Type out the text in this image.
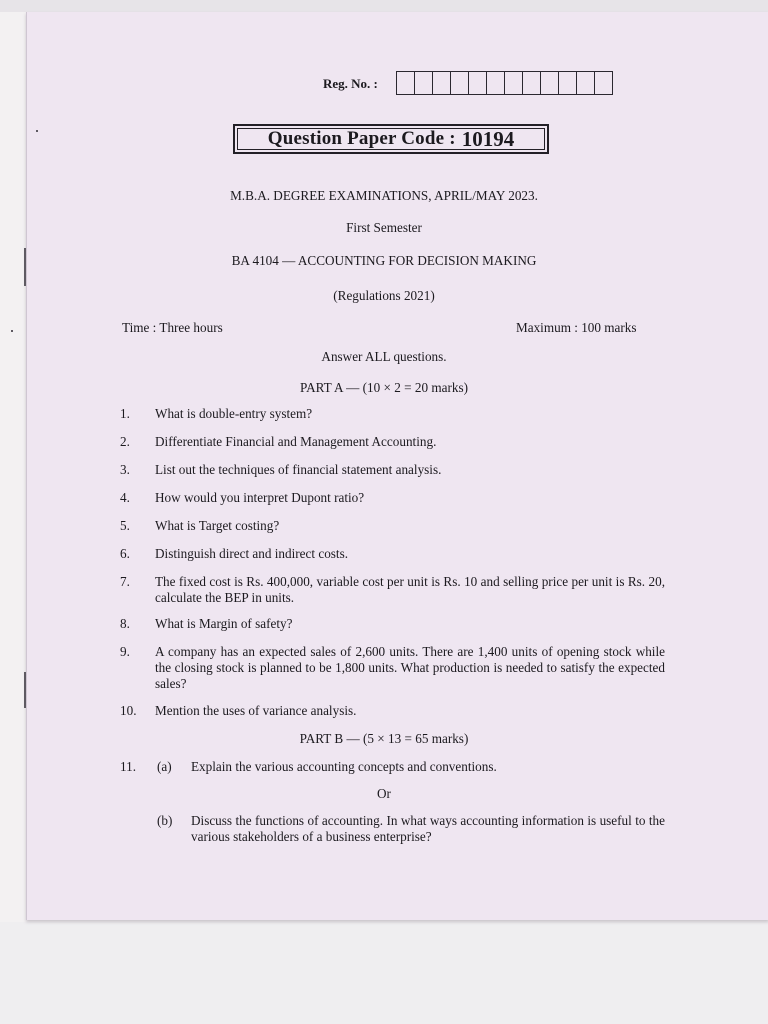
Reg. No. :
Question Paper Code : 10194
M.B.A. DEGREE EXAMINATIONS, APRIL/MAY 2023.
First Semester
BA 4104 — ACCOUNTING FOR DECISION MAKING
(Regulations 2021)
Time : Three hours	Maximum : 100 marks
Answer ALL questions.
PART A — (10 × 2 = 20 marks)
1.	What is double-entry system?
2.	Differentiate Financial and Management Accounting.
3.	List out the techniques of financial statement analysis.
4.	How would you interpret Dupont ratio?
5.	What is Target costing?
6.	Distinguish direct and indirect costs.
7.	The fixed cost is Rs. 400,000, variable cost per unit is Rs. 10 and selling price per unit is Rs. 20, calculate the BEP in units.
8.	What is Margin of safety?
9.	A company has an expected sales of 2,600 units. There are 1,400 units of opening stock while the closing stock is planned to be 1,800 units. What production is needed to satisfy the expected sales?
10. Mention the uses of variance analysis.
PART B — (5 × 13 = 65 marks)
11.	(a) Explain the various accounting concepts and conventions.
Or
(b) Discuss the functions of accounting. In what ways accounting information is useful to the various stakeholders of a business enterprise?
